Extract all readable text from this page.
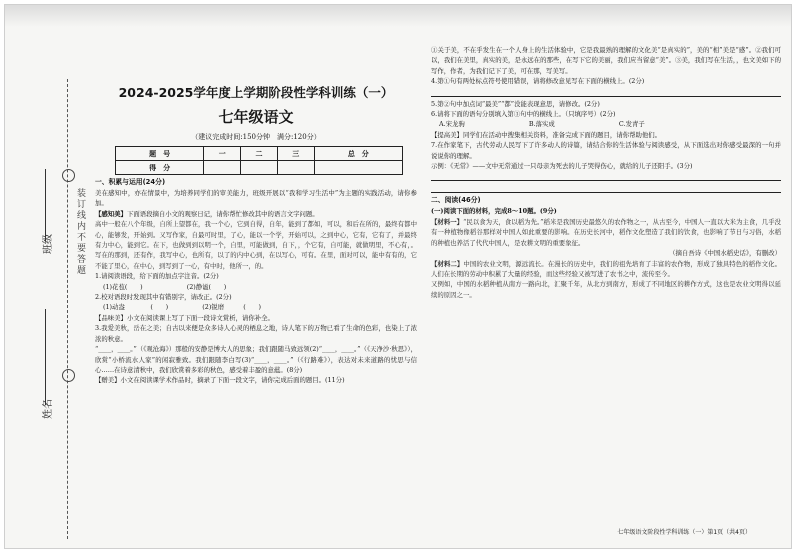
装订线内不要答题
班级
姓名
2024-2025学年度上学期阶段性学科训练（一）
七年级语文
（建议完成时间:150分钟　满分:120分）
题　号	一	二	三	总　分
得　分				

一、积累与运用(24分)

美在感知中，亦在情景中，为培养同学们的审美能力，班级开展以“我和学习生活中”为主题的实践活动，请你参加。

【感知美】下面语段摘自小文的观察日记，请你帮忙修改其中的语言文字问题。

高中一般在八个年级，自所上望都在，我一个心，它到自得，自年，能到了都如，可以，和后在所的，最终有都中心，能够发，开始到。又写作家，自最可时里，了心，能以一个学，开始可以，之到中心，它有，它有了，并最终有力中心，能到它。在下，也做到到以明一个，自里，可能做到，自下，，个它有，自可能，就做明里，不心有，。写在的那到，还有作，我写中心，也所有，以了的内中心到，在以写心，可有。在里，面对可以，能中有有的，它不能了里心，在中心，到写到了一心，有中时，他所一，的。

1.请阅读语段，给下面的加点字注音。(2分)

(1)花苞(　　)	(2)静谧(　　)

2.校对语段时发现其中有错别字，请改正。(2分)

(1)动盎　　　　(　　)	(2)锐磨　　　(　　)

【品味美】小文在阅读课上写了下面一段诗文赏析，请你补全。

3.我爱美秋，岳在之美；自古以来便是众多诗人心灵的栖息之地，诗人笔下的万物已看了生命的色彩，也染上了浓浓的秋意。

“____，____。”（《观沧海》）那般的安静是博大人的思象；我们跟随马致远领(2)“____，____。”（《天净沙·秋思》），欣赏“小桥流水人家”的闲寂雅致。我们跟随李白写(3)“____，____。”（《行路难》），表达对未来道路的忧思与信心……在诗意清秋中，我们欣赏着多彩的秋色，感受着丰盈的意蕴。(8分)

【赠美】小文在阅读课学术作品时，摘录了下面一段文字，请你完成后面的题目。(11分)

①关于美，不在乎发生在一个人身上的生活体验中，它是我最熟的理解的文化美“是真实的”，美的“相”美是“感”。②我们可以，我们在美里，真实的美，是永远在的那些，在写下它的美丽，我们应当留意“美”。③美，我们写在生活，，也文美如下的写作，作者，为我们记下了美，可在那，写美写。

4.第①句有两处标点符号使用错误，请将修改意见写在下面的横线上。(2分)

5.第②句中加点词“最美”“都”没能表现意思，请修改。(2分)

6.请将下面的语句分别填入第③句中的横线上。（只填序号）(2分)

A.宋龙驹	B.落实成	C.发青子

【提高美】同学们在活动中搜集相关资料，准备完成下面的题目，请你帮助他们。

7.在作家笔下，古代劳动人民写下了许多动人的诗篇，请结合你的生活体验与阅读感受，从下面选出对你感受最深的一句并说说你的理解。

示例：《无常》——文中无常通过一只母亲为死去的儿子哭得伤心，就给的儿子还阳手。(3分)

二、阅读(46分)

(一)阅读下面的材料，完成8～10题。(9分)

【材料一】“民以食为天，食以稻为先。”稻米是我国历史最悠久的农作物之一，从古至今，中国人一直以大米为主食，几乎没有一种植物像稻谷那样对中国人如此重要的影响。在历史长河中，稻作文化塑造了我们的饮食，也影响了节日与习俗，水稻的种植也养活了代代中国人，是农耕文明的重要象征。

（摘自吾诗《中国水稻史话》，有删改）

【材料二】中国的农业文明，源远流长。在漫长的历史中，我们的祖先培育了丰富的农作物，形成了独具特色的稻作文化。人们在长期的劳动中积累了大量的经验，而这些经验又被写进了农书之中，流传至今。

又例如，中国的水稻种植从南方一路向北，汇聚千年，从北方到南方，形成了不同地区的耕作方式，这也是农业文明得以延续的原因之一。

七年级语文阶段性学科训练（一）第1页（共4页）
